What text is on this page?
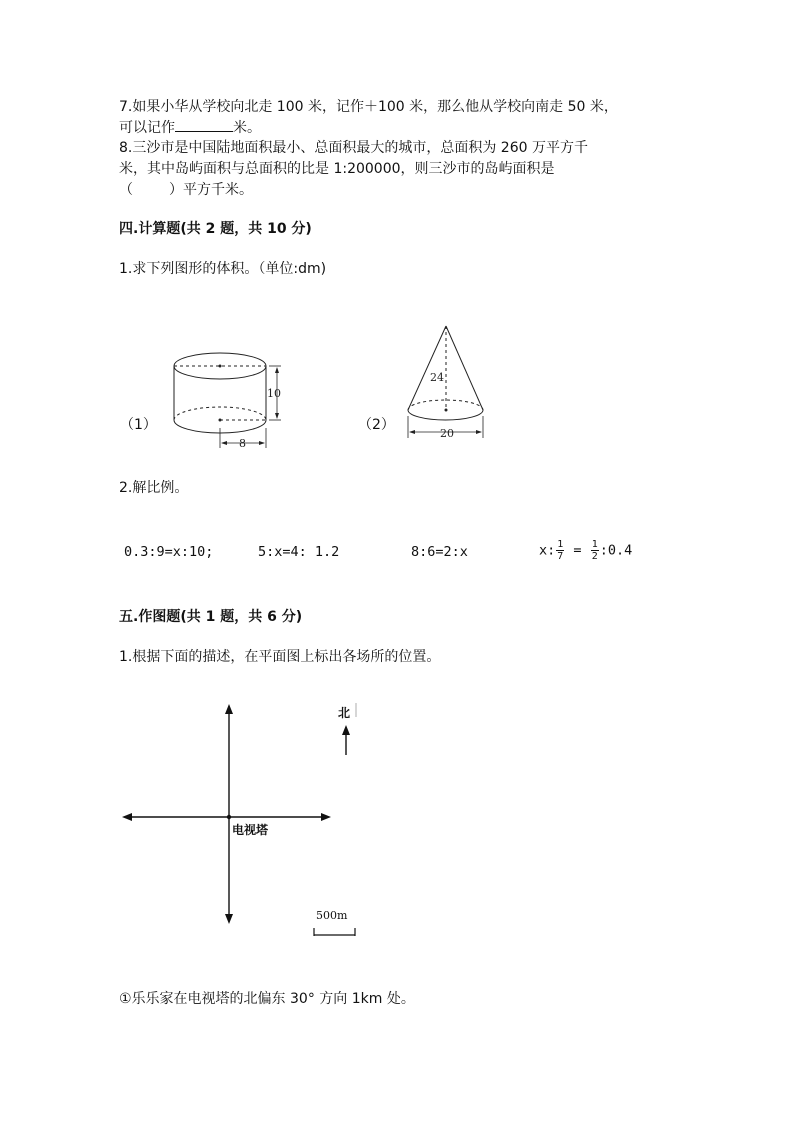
7.如果小华从学校向北走 100 米，记作＋100 米，那么他从学校向南走 50 米，
可以记作	米。
8.三沙市是中国陆地面积最小、总面积最大的城市，总面积为 260 万平方千
米，其中岛屿面积与总面积的比是 1:200000，则三沙市的岛屿面积是
（	）平方千米。
四.计算题(共 2 题，共 10 分)
1.求下列图形的体积。（单位:dm)
（1）	（2）
10
8
24
20
2.解比例。
0.3:9=x:10;	5:x=4: 1.2	8:6=2:x	x: $\frac{1}{7} = \frac{1}{2}$ :0.4
五.作图题(共 1 题，共 6 分)
1.根据下面的描述，在平面图上标出各场所的位置。
电视塔
北
500m
①乐乐家在电视塔的北偏东 30° 方向 1km 处。
